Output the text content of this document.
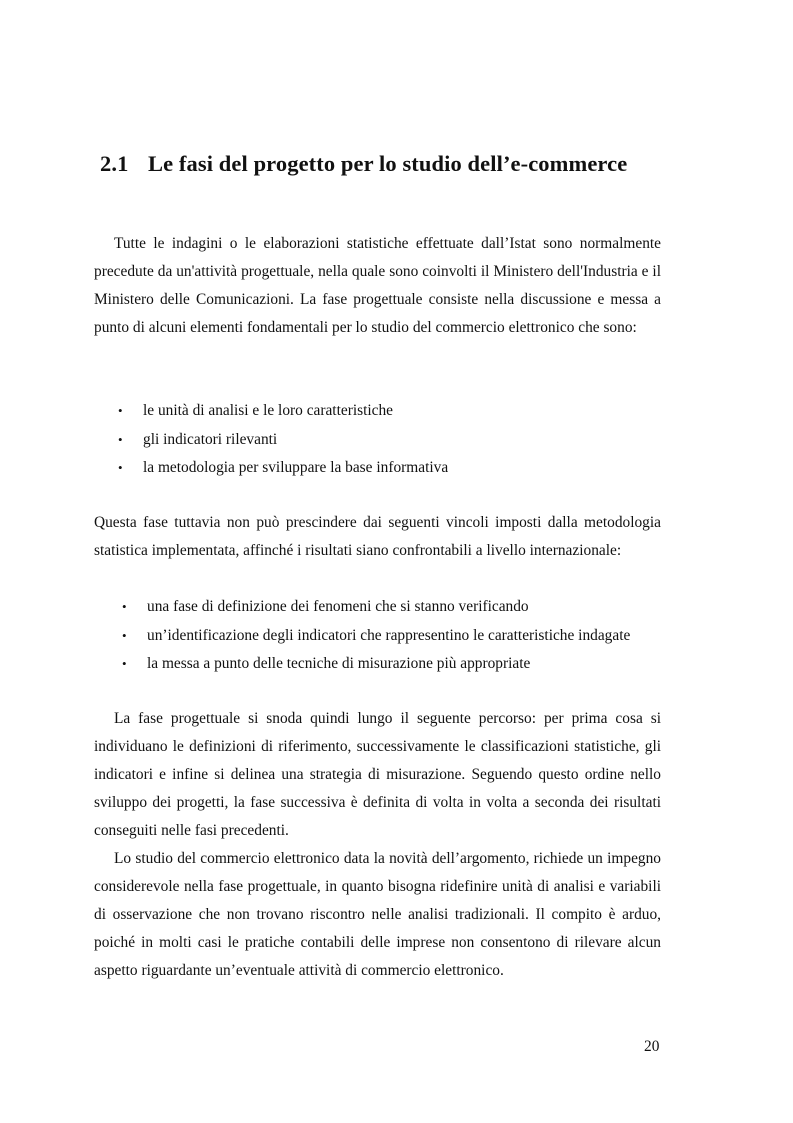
2.1 Le fasi del progetto per lo studio dell’e-commerce

Tutte le indagini o le elaborazioni statistiche effettuate dall’Istat sono normalmente precedute da un'attività progettuale, nella quale sono coinvolti il Ministero dell'Industria e il Ministero delle Comunicazioni. La fase progettuale consiste nella discussione e messa a punto di alcuni elementi fondamentali per lo studio del commercio elettronico che sono:

• le unità di analisi e le loro caratteristiche
• gli indicatori rilevanti
• la metodologia per sviluppare la base informativa

Questa fase tuttavia non può prescindere dai seguenti vincoli imposti dalla metodologia statistica implementata, affinché i risultati siano confrontabili a livello internazionale:

• una fase di definizione dei fenomeni che si stanno verificando
• un’identificazione degli indicatori che rappresentino le caratteristiche indagate
• la messa a punto delle tecniche di misurazione più appropriate

La fase progettuale si snoda quindi lungo il seguente percorso: per prima cosa si individuano le definizioni di riferimento, successivamente le classificazioni statistiche, gli indicatori e infine si delinea una strategia di misurazione. Seguendo questo ordine nello sviluppo dei progetti, la fase successiva è definita di volta in volta a seconda dei risultati conseguiti nelle fasi precedenti.

Lo studio del commercio elettronico data la novità dell’argomento, richiede un impegno considerevole nella fase progettuale, in quanto bisogna ridefinire unità di analisi e variabili di osservazione che non trovano riscontro nelle analisi tradizionali. Il compito è arduo, poiché in molti casi le pratiche contabili delle imprese non consentono di rilevare alcun aspetto riguardante un’eventuale attività di commercio elettronico.

20
